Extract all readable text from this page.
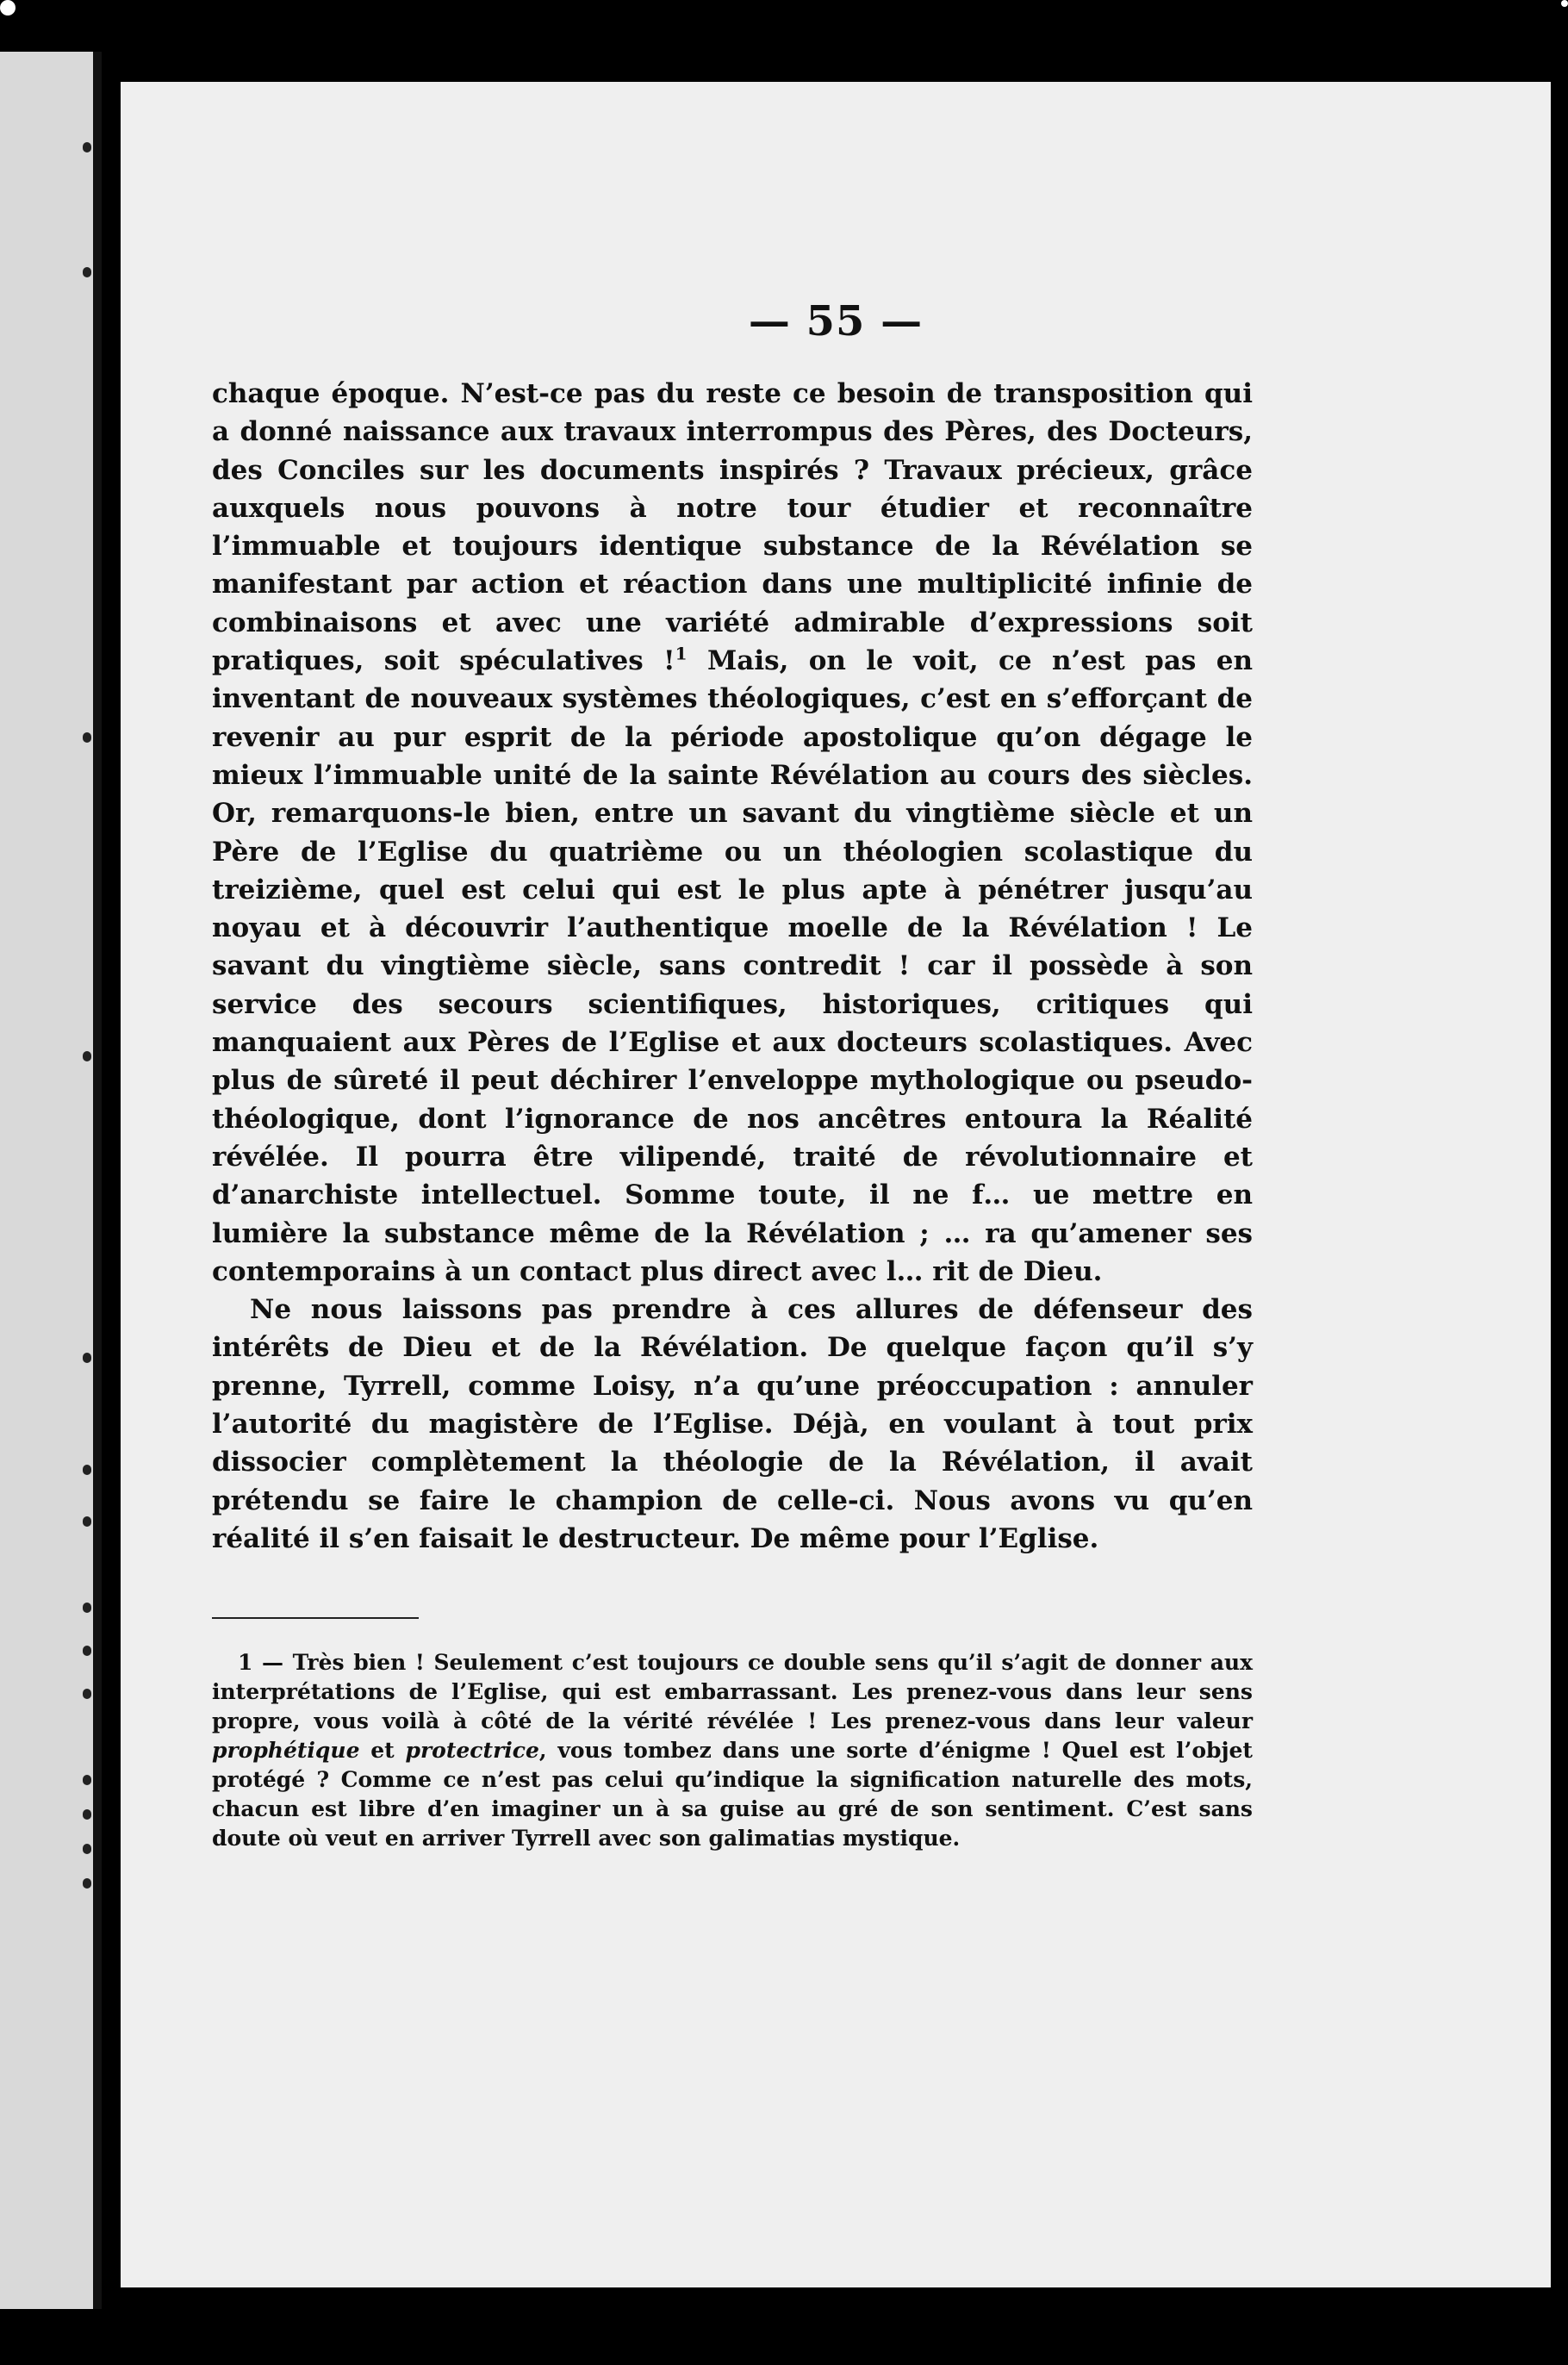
— 55 —

chaque époque. N’est-ce pas du reste ce besoin de transposition qui a donné naissance aux travaux interrompus des Pères, des Docteurs, des Conciles sur les documents inspirés ? Travaux précieux, grâce auxquels nous pouvons à notre tour étudier et reconnaître l’immuable et toujours identique substance de la Révélation se manifestant par action et réaction dans une multiplicité infinie de combinaisons et avec une variété admirable d’expressions soit pratiques, soit spéculatives !$^1$ Mais, on le voit, ce n’est pas en inventant de nouveaux systèmes théologiques, c’est en s’efforçant de revenir au pur esprit de la période apostolique qu’on dégage le mieux l’immuable unité de la sainte Révélation au cours des siècles. Or, remarquons-le bien, entre un savant du vingtième siècle et un Père de l’Eglise du quatrième ou un théologien scolastique du treizième, quel est celui qui est le plus apte à pénétrer jusqu’au noyau et à découvrir l’authentique moelle de la Révélation ! Le savant du vingtième siècle, sans contredit ! car il possède à son service des secours scientifiques, historiques, critiques qui manquaient aux Pères de l’Eglise et aux docteurs scolastiques. Avec plus de sûreté il peut déchirer l’enveloppe mythologique ou pseudo-théologique, dont l’ignorance de nos ancêtres entoura la Réalité révélée. Il pourra être vilipendé, traité de révolutionnaire et d’anarchiste intellectuel. Somme toute, il ne f… ue mettre en lumière la substance même de la Révélation ; … ra qu’amener ses contemporains à un contact plus direct avec l… rit de Dieu.

Ne nous laissons pas prendre à ces allures de défenseur des intérêts de Dieu et de la Révélation. De quelque façon qu’il s’y prenne, Tyrrell, comme Loisy, n’a qu’une préoccupation : annuler l’autorité du magistère de l’Eglise. Déjà, en voulant à tout prix dissocier complètement la théologie de la Révélation, il avait prétendu se faire le champion de celle-ci. Nous avons vu qu’en réalité il s’en faisait le destructeur. De même pour l’Eglise.

1 — Très bien ! Seulement c’est toujours ce double sens qu’il s’agit de donner aux interprétations de l’Eglise, qui est embarrassant. Les prenez-vous dans leur sens propre, vous voilà à côté de la vérité révélée ! Les prenez-vous dans leur valeur prophétique et protectrice, vous tombez dans une sorte d’énigme ! Quel est l’objet protégé ? Comme ce n’est pas celui qu’indique la signification naturelle des mots, chacun est libre d’en imaginer un à sa guise au gré de son sentiment. C’est sans doute où veut en arriver Tyrrell avec son galimatias mystique.
